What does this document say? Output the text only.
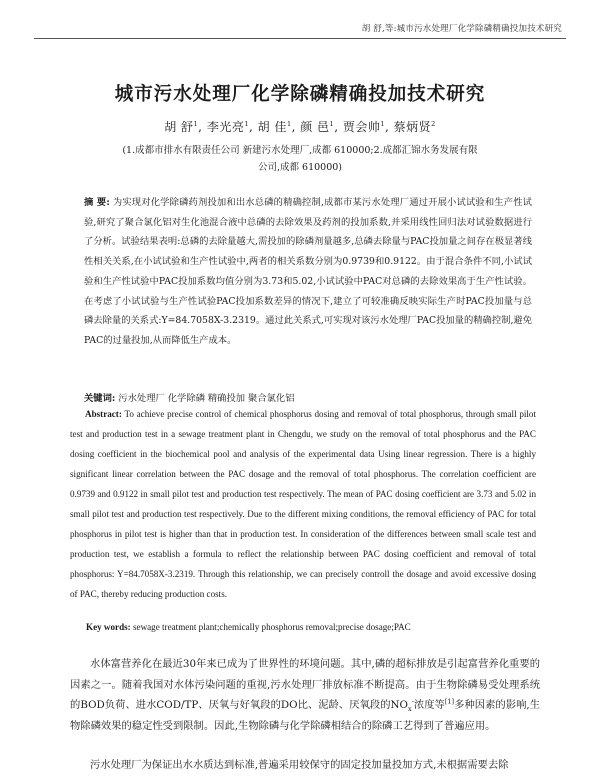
胡 舒,等:城市污水处理厂化学除磷精确投加技术研究
城市污水处理厂化学除磷精确投加技术研究
胡 舒$^1$, 李光亮$^1$, 胡 佳$^1$, 颜 邑$^1$, 贾会帅$^1$, 蔡炳贤$^2$
(1.成都市排水有限责任公司 新建污水处理厂,成都 610000;2.成都汇锦水务发展有限
公司,成都 610000)
摘 要: 为实现对化学除磷药剂投加和出水总磷的精确控制,成都市某污水处理厂通过开展小试试验和生产性试验,研究了聚合氯化铝对生化池混合液中总磷的去除效果及药剂的投加系数,并采用线性回归法对试验数据进行了分析。试验结果表明:总磷的去除量越大,需投加的除磷剂量越多,总磷去除量与PAC投加量之间存在极显著线性相关关系,在小试试验和生产性试验中,两者的相关系数分别为0.9739和0.9122。由于混合条件不同,小试试验和生产性试验中PAC投加系数均值分别为3.73和5.02,小试试验中PAC对总磷的去除效果高于生产性试验。在考虑了小试试验与生产性试验PAC投加系数差异的情况下,建立了可较准确反映实际生产时PAC投加量与总磷去除量的关系式:Y=84.7058X-3.2319。通过此关系式,可实现对该污水处理厂PAC投加量的精确控制,避免PAC的过量投加,从而降低生产成本。
关键词: 污水处理厂 化学除磷 精确投加 聚合氯化铝
Abstract: To achieve precise control of chemical phosphorus dosing and removal of total phosphorus, through small pilot test and production test in a sewage treatment plant in Chengdu, we study on the removal of total phosphorus and the PAC dosing coefficient in the biochemical pool and analysis of the experimental data Using linear regression. There is a highly significant linear correlation between the PAC dosage and the removal of total phosphorus. The correlation coefficient are 0.9739 and 0.9122 in small pilot test and production test respectively. The mean of PAC dosing coefficient are 3.73 and 5.02 in small pilot test and production test respectively. Due to the different mixing conditions, the removal efficiency of PAC for total phosphorus in pilot test is higher than that in production test. In consideration of the differences between small scale test and production test, we establish a formula to reflect the relationship between PAC dosing coefficient and removal of total phosphorus: Y=84.7058X-3.2319. Through this relationship, we can precisely controll the dosage and avoid excessive dosing of PAC, thereby reducing production costs.
Key words: sewage treatment plant;chemically phosphorus removal;precise dosage;PAC
水体富营养化在最近30年来已成为了世界性的环境问题。其中,磷的超标排放是引起富营养化重要的因素之一。随着我国对水体污染问题的重视,污水处理厂排放标准不断提高。由于生物除磷易受处理系统的BOD负荷、进水COD/TP、厌氧与好氧段的DO比、泥龄、厌氧段的$NO_x^-$浓度等[1]多种因素的影响,生物除磷效果的稳定性受到限制。因此,生物除磷与化学除磷相结合的除磷工艺得到了普遍应用。
污水处理厂为保证出水水质达到标准,普遍采用较保守的固定投加量投加方式,未根据需要去除
